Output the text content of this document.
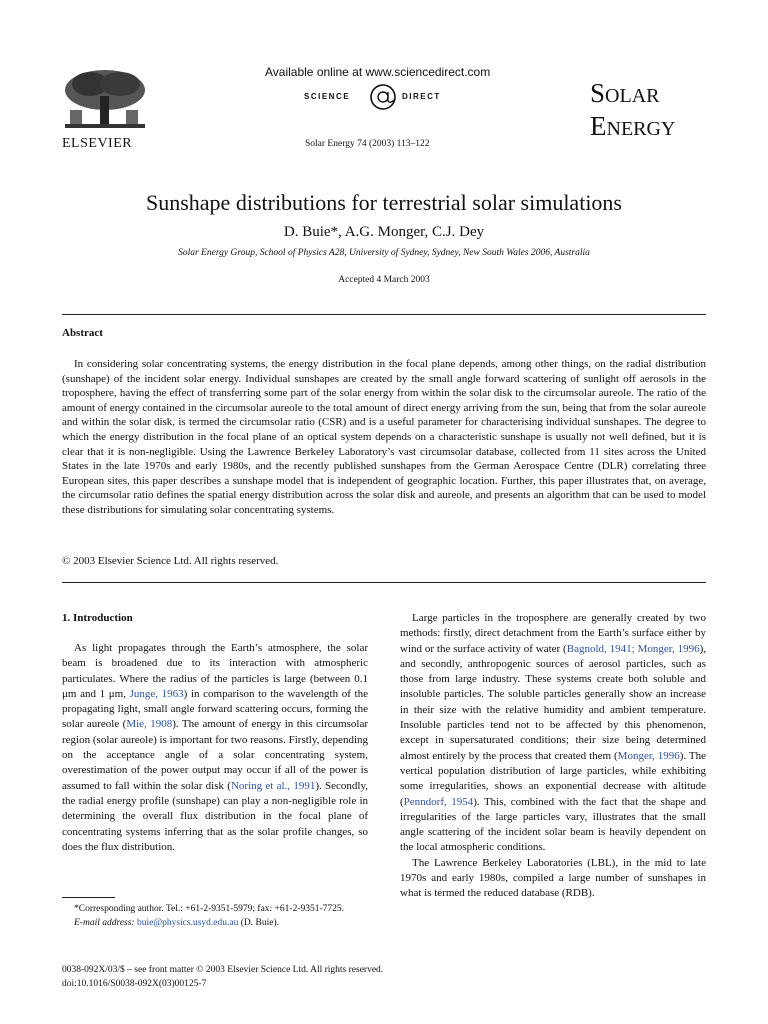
ELSEVIER
Available online at www.sciencedirect.com
SCIENCE	DIRECT
Solar Energy 74 (2003) 113–122
SOLAR
ENERGY
Sunshape distributions for terrestrial solar simulations
D. Buie*, A.G. Monger, C.J. Dey
Solar Energy Group, School of Physics A28, University of Sydney, Sydney, New South Wales 2006, Australia
Accepted 4 March 2003
Abstract
In considering solar concentrating systems, the energy distribution in the focal plane depends, among other things, on the radial distribution (sunshape) of the incident solar energy. Individual sunshapes are created by the small angle forward scattering of sunlight off aerosols in the troposphere, having the effect of transferring some part of the solar energy from within the solar disk to the circumsolar aureole. The ratio of the amount of energy contained in the circumsolar aureole to the total amount of direct energy arriving from the sun, being that from the solar aureole and within the solar disk, is termed the circumsolar ratio (CSR) and is a useful parameter for characterising individual sunshapes. The degree to which the energy distribution in the focal plane of an optical system depends on a characteristic sunshape is usually not well defined, but it is clear that it is non-negligible. Using the Lawrence Berkeley Laboratory’s vast circumsolar database, collected from 11 sites across the United States in the late 1970s and early 1980s, and the recently published sunshapes from the German Aerospace Centre (DLR) correlating three European sites, this paper describes a sunshape model that is independent of geographic location. Further, this paper illustrates that, on average, the circumsolar ratio defines the spatial energy distribution across the solar disk and aureole, and presents an algorithm that can be used to model these distributions for simulating solar concentrating systems.
© 2003 Elsevier Science Ltd. All rights reserved.
1. Introduction

As light propagates through the Earth’s atmosphere, the solar beam is broadened due to its interaction with atmospheric particulates. Where the radius of the particles is large (between 0.1 μm and 1 μm, Junge, 1963) in comparison to the wavelength of the propagating light, small angle forward scattering occurs, forming the solar aureole (Mie, 1908). The amount of energy in this circumsolar region (solar aureole) is important for two reasons. Firstly, depending on the acceptance angle of a solar concentrating system, overestimation of the power output may occur if all of the power is assumed to fall within the solar disk (Noring et al., 1991). Secondly, the radial energy profile (sunshape) can play a non-negligible role in determining the overall flux distribution in the focal plane of concentrating systems inferring that as the solar profile changes, so does the flux distribution.

Large particles in the troposphere are generally created by two methods: firstly, direct detachment from the Earth’s surface either by wind or the surface activity of water (Bagnold, 1941; Monger, 1996), and secondly, anthropogenic sources of aerosol particles, such as those from large industry. These systems create both soluble and insoluble particles. The soluble particles generally show an increase in their size with the relative humidity and ambient temperature. Insoluble particles tend not to be affected by this phenomenon, except in supersaturated conditions; their size being determined almost entirely by the process that created them (Monger, 1996). The vertical population distribution of large particles, while exhibiting some irregularities, shows an exponential decrease with altitude (Penndorf, 1954). This, combined with the fact that the shape and irregularities of the large particles vary, illustrates that the small angle scattering of the incident solar beam is heavily dependent on the local atmospheric conditions.

The Lawrence Berkeley Laboratories (LBL), in the mid to late 1970s and early 1980s, compiled a large number of sunshapes in what is termed the reduced database (RDB).

*Corresponding author. Tel.: +61-2-9351-5979; fax: +61-2-9351-7725.
E-mail address: buie@physics.usyd.edu.au (D. Buie).
0038-092X/03/$ – see front matter © 2003 Elsevier Science Ltd. All rights reserved.
doi:10.1016/S0038-092X(03)00125-7
